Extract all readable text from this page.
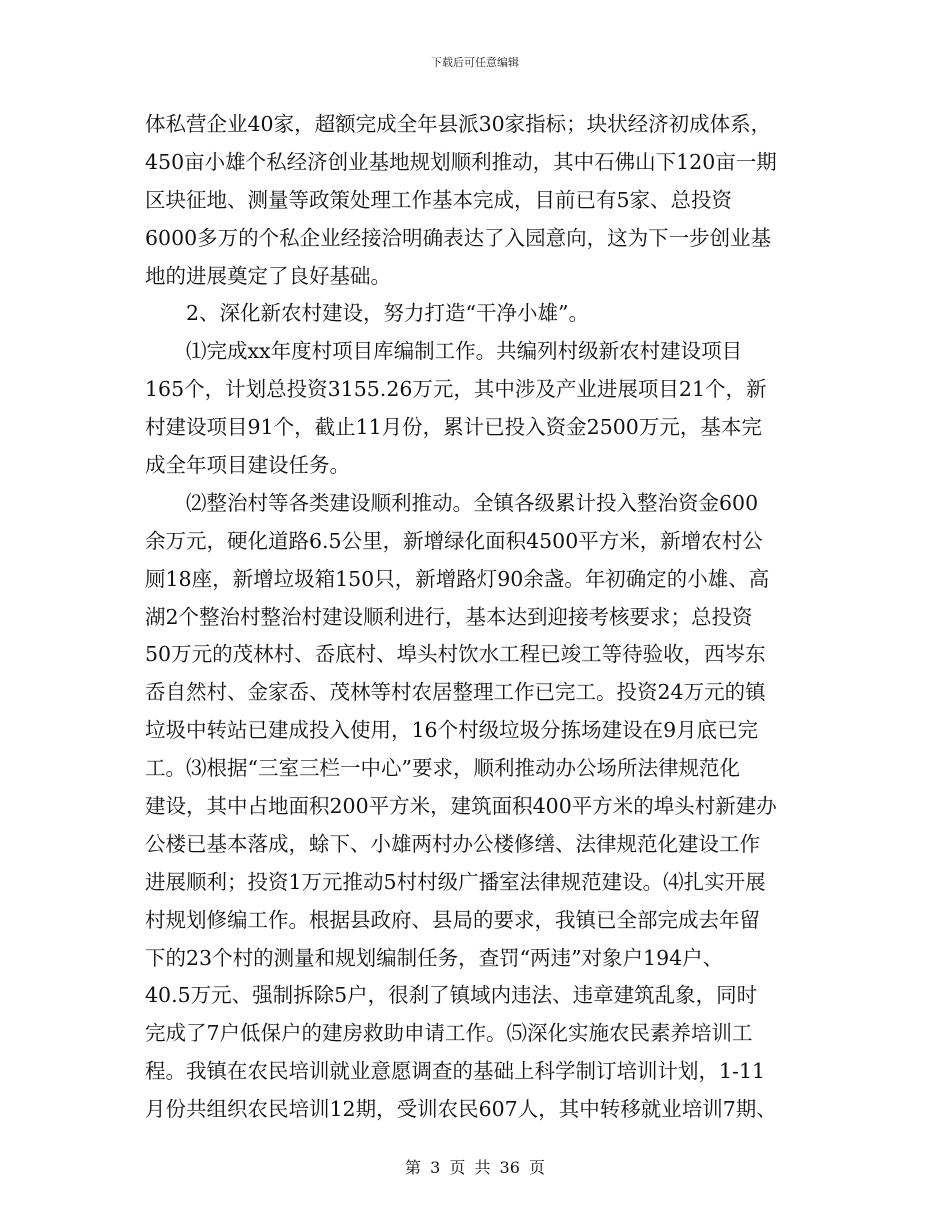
下载后可任意编辑
体私营企业40家，超额完成全年县派30家指标；块状经济初成体系，
450亩小雄个私经济创业基地规划顺利推动，其中石佛山下120亩一期
区块征地、测量等政策处理工作基本完成，目前已有5家、总投资
6000多万的个私企业经接洽明确表达了入园意向，这为下一步创业基
地的进展奠定了良好基础。
2、深化新农村建设，努力打造“干净小雄”。
⑴完成xx年度村项目库编制工作。共编列村级新农村建设项目
165个，计划总投资3155.26万元，其中涉及产业进展项目21个，新
村建设项目91个，截止11月份，累计已投入资金2500万元，基本完
成全年项目建设任务。
⑵整治村等各类建设顺利推动。全镇各级累计投入整治资金600
余万元，硬化道路6.5公里，新增绿化面积4500平方米，新增农村公
厕18座，新增垃圾箱150只，新增路灯90余盏。年初确定的小雄、高
湖2个整治村整治村建设顺利进行，基本达到迎接考核要求；总投资
50万元的茂林村、岙底村、埠头村饮水工程已竣工等待验收，西岑东
岙自然村、金家岙、茂林等村农居整理工作已完工。投资24万元的镇
垃圾中转站已建成投入使用，16个村级垃圾分拣场建设在9月底已完
工。⑶根据“三室三栏一中心”要求，顺利推动办公场所法律规范化
建设，其中占地面积200平方米，建筑面积400平方米的埠头村新建办
公楼已基本落成，蜍下、小雄两村办公楼修缮、法律规范化建设工作
进展顺利；投资1万元推动5村村级广播室法律规范建设。⑷扎实开展
村规划修编工作。根据县政府、县局的要求，我镇已全部完成去年留
下的23个村的测量和规划编制任务，查罚“两违”对象户194户、
40.5万元、强制拆除5户，很刹了镇域内违法、违章建筑乱象，同时
完成了7户低保户的建房救助申请工作。⑸深化实施农民素养培训工
程。我镇在农民培训就业意愿调查的基础上科学制订培训计划，1-11
月份共组织农民培训12期，受训农民607人，其中转移就业培训7期、
第 3 页 共 36 页
